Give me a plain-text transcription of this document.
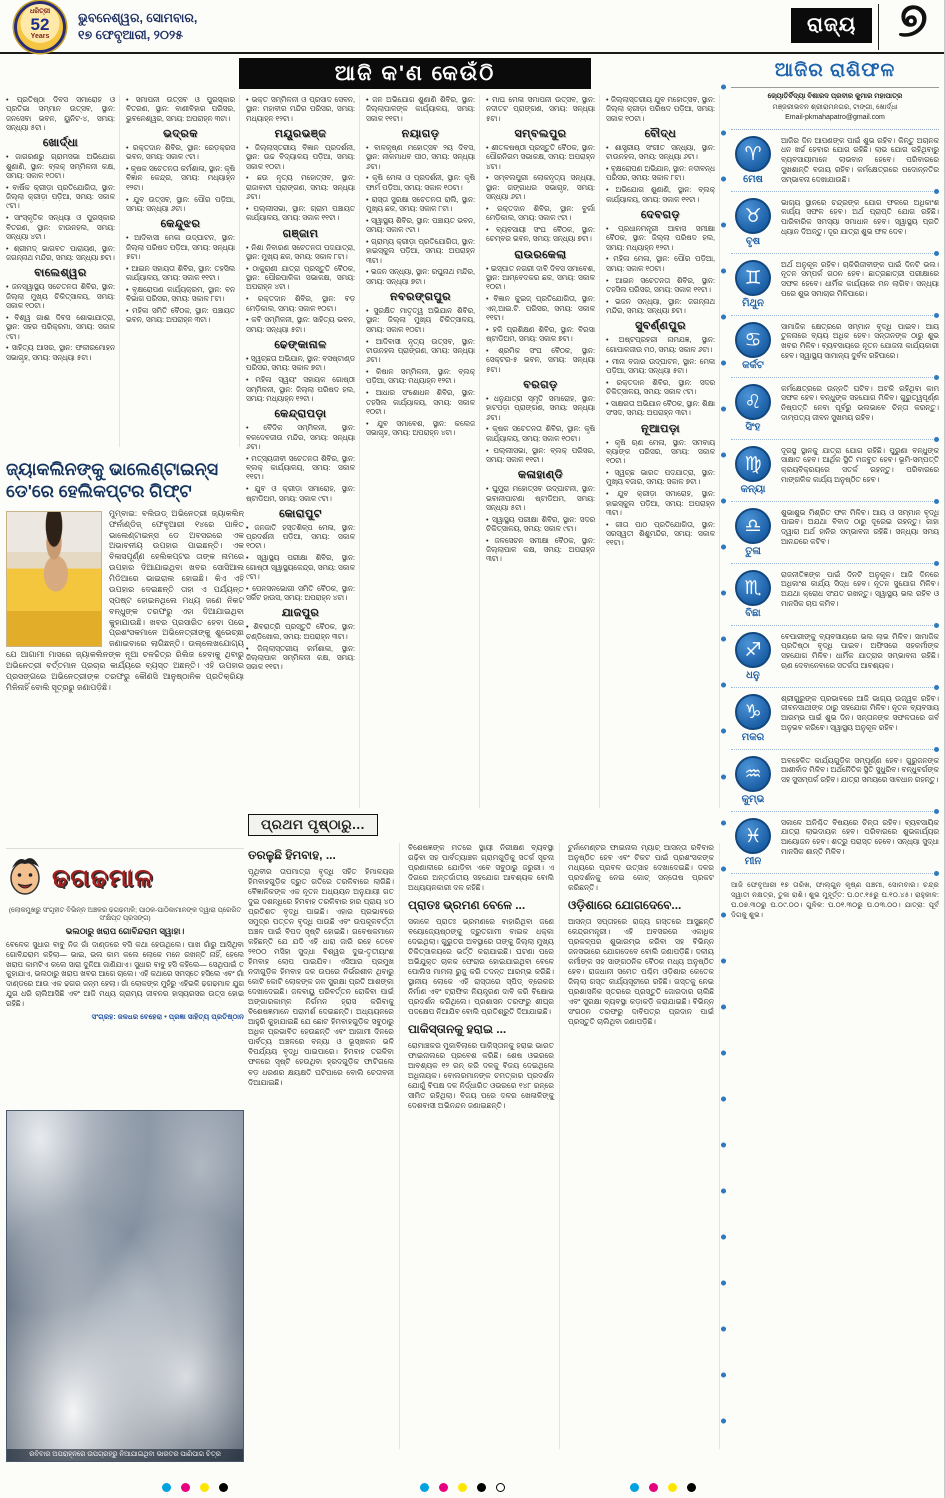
ଧରିତ୍ରୀ
52
Years
ଭୁବନେଶ୍ୱର, ସୋମବାର,
୧୭ ଫେବୃଆରୀ, ୨୦୨୫	ରାଜ୍ୟ ୭
ଆଜି କ'ଣ କେଉଁଠି

• ପ୍ରତିଷ୍ଠା ଦିବସ ସମାରୋହ ଓ ପ୍ରତିଭା ସମ୍ମାନ ଉତ୍ସବ, ସ୍ଥାନ: ଜନସେବା ଭବନ, ୟୁନିଟ-୪, ସମୟ: ସନ୍ଧ୍ୟା ୫ଟା।

ଖୋର୍ଦ୍ଧା

• ଜାଗରଣରୁ ଗ୍ରାମସଭା ଅଭିଯୋଗ ଶୁଣାଣି, ସ୍ଥାନ: ବ୍ଲକ୍ ସମ୍ମିଳନୀ କକ୍ଷ, ସମୟ: ସକାଳ ୧୦ଟା।

• ବାର୍ଷିକ କ୍ରୀଡ଼ା ପ୍ରତିଯୋଗିତା, ସ୍ଥାନ: ଜିଲ୍ଲା କ୍ରୀଡ଼ା ପଡ଼ିଆ, ସମୟ: ସକାଳ ୯ଟା।

• ସାଂସ୍କୃତିକ ସନ୍ଧ୍ୟା ଓ ପୁରସ୍କାର ବିତରଣ, ସ୍ଥାନ: ଟାଉନହଲ, ସମୟ: ସନ୍ଧ୍ୟା ୪ଟା।

• ଶ୍ରୀମଦ୍ ଭାଗବତ ପାରାୟଣ, ସ୍ଥାନ: ଜଗନ୍ନାଥ ମନ୍ଦିର, ସମୟ: ସନ୍ଧ୍ୟା ୭ଟା।

ବାଲେଶ୍ୱର

• ଜନସ୍ୱାସ୍ଥ୍ୟ ସଚେତନତା ଶିବିର, ସ୍ଥାନ: ଜିଲ୍ଲା ମୁଖ୍ୟ ଚିକିତ୍ସାଳୟ, ସମୟ: ସକାଳ ୧୦ଟା।

• ବିଶ୍ୱ ଗାଈ ଦିବସ ଶୋଭାଯାତ୍ରା, ସ୍ଥାନ: ସହର ପରିକ୍ରମା, ସମୟ: ସକାଳ ୯ଟା।

• ସାହିତ୍ୟ ଆସର, ସ୍ଥାନ: ଫକୀରମୋହନ ସଭାଗୃହ, ସମୟ: ସନ୍ଧ୍ୟା ୫ଟା।

• ସମାପନୀ ଉତ୍ସବ ଓ ପୁରସ୍କାର ବିତରଣ, ସ୍ଥାନ: ବାଣୀବିହାର ପରିସର, ଭୁବନେଶ୍ୱର, ସମୟ: ଅପରାହ୍ନ ୩ଟା।

ଭଦ୍ରକ

• ରକ୍ତଦାନ ଶିବିର, ସ୍ଥାନ: ରେଡ଼କ୍ରସ ଭବନ, ସମୟ: ସକାଳ ୯ଟା।

• କୃଷକ ସଚେତନତା କର୍ମଶାଳା, ସ୍ଥାନ: କୃଷି ବିଜ୍ଞାନ କେନ୍ଦ୍ର, ସମୟ: ମଧ୍ୟାହ୍ନ ୧୨ଟା।

• ଯୁବ ଉତ୍ସବ, ସ୍ଥାନ: ପୌର ପଡ଼ିଆ, ସମୟ: ସନ୍ଧ୍ୟା ୬ଟା।

କେନ୍ଦୁଝର

• ଆଦିବାସୀ ମେଳା ଉଦ୍‌ଘାଟନ, ସ୍ଥାନ: ଜିଲ୍ଲା ପରିଷଦ ପଡ଼ିଆ, ସମୟ: ସନ୍ଧ୍ୟା ୫ଟା।

• ଆଇନ ସହାୟତା ଶିବିର, ସ୍ଥାନ: ତହସିଲ କାର୍ଯ୍ୟାଳୟ, ସମୟ: ସକାଳ ୧୧ଟା।

• ବୃକ୍ଷରୋପଣ କାର୍ଯ୍ୟକ୍ରମ, ସ୍ଥାନ: ବନ ବିଭାଗ ପରିସର, ସମୟ: ସକାଳ ୮ଟା।

• ମହିଳା ସମିତି ବୈଠକ, ସ୍ଥାନ: ପଞ୍ଚାୟତ ଭବନ, ସମୟ: ଅପରାହ୍ନ ୩ଟା।

• ଭକ୍ତ ସମ୍ମିଳନୀ ଓ ପ୍ରସାଦ ସେବନ, ସ୍ଥାନ: ମହାବୀର ମନ୍ଦିର ପରିସର, ସମୟ: ମଧ୍ୟାହ୍ନ ୧୨ଟା।

ମୟୂରଭଞ୍ଜ

• ଜିଲ୍ଲାସ୍ତରୀୟ ବିଜ୍ଞାନ ପ୍ରଦର୍ଶନୀ, ସ୍ଥାନ: ଉଚ୍ଚ ବିଦ୍ୟାଳୟ ପଡ଼ିଆ, ସମୟ: ସକାଳ ୧୦ଟା।

• ଛଉ ନୃତ୍ୟ ମହୋତ୍ସବ, ସ୍ଥାନ: ରାଜାବାଟୀ ପ୍ରାଙ୍ଗଣ, ସମୟ: ସନ୍ଧ୍ୟା ୬ଟା।

• ପଲ୍ଲୀସଭା, ସ୍ଥାନ: ଗ୍ରାମ ପଞ୍ଚାୟତ କାର୍ଯ୍ୟାଳୟ, ସମୟ: ସକାଳ ୧୧ଟା।

ଗଞ୍ଜାମ

• ନିଶା ନିବାରଣ ସଚେତନତା ପଦଯାତ୍ରା, ସ୍ଥାନ: ମୁଖ୍ୟ ଛକ, ସମୟ: ସକାଳ ୮ଟା।

• ଠାକୁରାଣୀ ଯାତ୍ରା ପ୍ରସ୍ତୁତି ବୈଠକ, ସ୍ଥାନ: ପୌରପାଳିକା ସଭାକକ୍ଷ, ସମୟ: ଅପରାହ୍ନ ୪ଟା।

• ରକ୍ତଦାନ ଶିବିର, ସ୍ଥାନ: ବଡ଼ ମେଡ଼ିକାଲ, ସମୟ: ସକାଳ ୧୦ଟା।

• କବି ସମ୍ମିଳନୀ, ସ୍ଥାନ: ସାହିତ୍ୟ ଭବନ, ସମୟ: ସନ୍ଧ୍ୟା ୫ଟା।

ଢେଙ୍କାନାଳ

• ସ୍ୱଚ୍ଛତା ଅଭିଯାନ, ସ୍ଥାନ: ବସଷ୍ଟାଣ୍ଡ ପରିସର, ସମୟ: ସକାଳ ୭ଟା।

• ମହିଳା ସ୍ୱୟଂ ସହାୟକ ଗୋଷ୍ଠୀ ସମ୍ମିଳନୀ, ସ୍ଥାନ: ଜିଲ୍ଲା ପରିଷଦ ହଲ, ସମୟ: ମଧ୍ୟାହ୍ନ ୧୨ଟା।

କେନ୍ଦ୍ରାପଡ଼ା

• ବୈଦିକ ସମ୍ମିଳନୀ, ସ୍ଥାନ: ବଳଦେବଜୀଉ ମନ୍ଦିର, ସମୟ: ସନ୍ଧ୍ୟା ୬ଟା।

• ମତ୍ସ୍ୟଜୀବୀ ସଚେତନତା ଶିବିର, ସ୍ଥାନ: ବ୍ଲକ୍ କାର୍ଯ୍ୟାଳୟ, ସମୟ: ସକାଳ ୧୧ଟା।

• ଯୁବ ଓ କ୍ରୀଡ଼ା ସମାରୋହ, ସ୍ଥାନ: ଷ୍ଟାଡିଅମ, ସମୟ: ସକାଳ ୯ଟା।

କୋରାପୁଟ

• ଜନଜାତି ହସ୍ତଶିଳ୍ପ ମେଳା, ସ୍ଥାନ: ପ୍ରଦର୍ଶନୀ ପଡ଼ିଆ, ସମୟ: ସକାଳ ୧୦ଟା।

• ସ୍ୱାସ୍ଥ୍ୟ ପରୀକ୍ଷା ଶିବିର, ସ୍ଥାନ: ଗୋଷ୍ଠୀ ସ୍ୱାସ୍ଥ୍ୟକେନ୍ଦ୍ର, ସମୟ: ସକାଳ ୯ଟା।

• ପେନସନଭୋଗୀ ସମିତି ବୈଠକ, ସ୍ଥାନ: ସର୍କିଟ ହାଉସ, ସମୟ: ଅପରାହ୍ନ ୪ଟା।

ଯାଜପୁର

• ଶିବରାତ୍ରି ପ୍ରସ୍ତୁତି ବୈଠକ, ସ୍ଥାନ: ଚଣ୍ଡିଖୋଲ, ସମୟ: ଅପରାହ୍ନ ୩ଟା।

• ଜିଲ୍ଲାସ୍ତରୀୟ କର୍ମଶାଳା, ସ୍ଥାନ: ଜିଲ୍ଲାପାଳ ସମ୍ମିଳନୀ କକ୍ଷ, ସମୟ: ସକାଳ ୧୧ଟା।

• ଜନ ଅଭିଯୋଗ ଶୁଣାଣି ଶିବିର, ସ୍ଥାନ: ଜିଲ୍ଲାପାଳଙ୍କ କାର୍ଯ୍ୟାଳୟ, ସମୟ: ସକାଳ ୧୧ଟା।

ନୟାଗଡ଼

• ବାଳକୃଷ୍ଣ ମହୋତ୍ସବ ୨ୟ ଦିବସ, ସ୍ଥାନ: ନୀଳମାଧବ ପୀଠ, ସମୟ: ସନ୍ଧ୍ୟା ୬ଟା।

• କୃଷି ମେଳା ଓ ପ୍ରଦର୍ଶନୀ, ସ୍ଥାନ: କୃଷି ଫାର୍ମ ପଡ଼ିଆ, ସମୟ: ସକାଳ ୧୦ଟା।

• ରାସ୍ତା ସୁରକ୍ଷା ସଚେତନତା ରାଲି, ସ୍ଥାନ: ମୁଖ୍ୟ ଛକ, ସମୟ: ସକାଳ ୮ଟା।

• ସ୍ୱାସ୍ଥ୍ୟ ଶିବିର, ସ୍ଥାନ: ପଞ୍ଚାୟତ ଭବନ, ସମୟ: ସକାଳ ୯ଟା।

• ଗ୍ରାମ୍ୟ କ୍ରୀଡ଼ା ପ୍ରତିଯୋଗିତା, ସ୍ଥାନ: ହାଇସ୍କୁଲ ପଡ଼ିଆ, ସମୟ: ଅପରାହ୍ନ ୩ଟା।

• ଭଜନ ସନ୍ଧ୍ୟା, ସ୍ଥାନ: ରଘୁନାଥ ମନ୍ଦିର, ସମୟ: ସନ୍ଧ୍ୟା ୭ଟା।

ନବରଙ୍ଗପୁର

• ସୁରକ୍ଷିତ ମାତୃତ୍ୱ ଅଭିଯାନ ଶିବିର, ସ୍ଥାନ: ଜିଲ୍ଲା ମୁଖ୍ୟ ଚିକିତ୍ସାଳୟ, ସମୟ: ସକାଳ ୧୦ଟା।

• ଆଦିବାସୀ ନୃତ୍ୟ ଉତ୍ସବ, ସ୍ଥାନ: ଟାଉନହଲ ପ୍ରାଙ୍ଗଣ, ସମୟ: ସନ୍ଧ୍ୟା ୬ଟା।

• କିଷାନ ସମ୍ମିଳନୀ, ସ୍ଥାନ: ବ୍ଲକ୍ ପଡ଼ିଆ, ସମୟ: ମଧ୍ୟାହ୍ନ ୧୨ଟା।

• ଆଧାର ସଂଶୋଧନ ଶିବିର, ସ୍ଥାନ: ତହସିଲ କାର୍ଯ୍ୟାଳୟ, ସମୟ: ସକାଳ ୧୦ଟା।

• ଯୁବ ସମାବେଶ, ସ୍ଥାନ: କଲେଜ ସଭାଗୃହ, ସମୟ: ଅପରାହ୍ନ ୪ଟା।

• ମାଘ ମେଳା ସମାପନୀ ଉତ୍ସବ, ସ୍ଥାନ: ନଦୀତଟ ପ୍ରାଙ୍ଗଣ, ସମୟ: ସନ୍ଧ୍ୟା ୫ଟା।

ସମ୍ବଲପୁର

• ଶୀତଳଷଷ୍ଠୀ ପ୍ରସ୍ତୁତି ବୈଠକ, ସ୍ଥାନ: ପୌରନିଗମ ସଭାକକ୍ଷ, ସମୟ: ଅପରାହ୍ନ ୪ଟା।

• ସମ୍ବଲପୁରୀ ଲୋକନୃତ୍ୟ ସନ୍ଧ୍ୟା, ସ୍ଥାନ: ଗଙ୍ଗାଧର ସଭାଗୃହ, ସମୟ: ସନ୍ଧ୍ୟା ୬ଟା।

• ରକ୍ତଦାନ ଶିବିର, ସ୍ଥାନ: ବୁର୍ଲା ମେଡ଼ିକାଲ, ସମୟ: ସକାଳ ୯ଟା।

• ବ୍ୟବସାୟୀ ସଂଘ ବୈଠକ, ସ୍ଥାନ: ଚେମ୍ବର ଭବନ, ସମୟ: ସନ୍ଧ୍ୟା ୭ଟା।

ରାଉରକେଲା

• ଇସ୍ପାତ ନଗରୀ ଦାବି ଦିବସ ସମାବେଶ, ସ୍ଥାନ: ଆମ୍ବେଦକର ଛକ, ସମୟ: ସକାଳ ୧୦ଟା।

• ବିଜ୍ଞାନ କୁଇଜ୍ ପ୍ରତିଯୋଗିତା, ସ୍ଥାନ: ଏନ୍.ଆଇ.ଟି. ପରିସର, ସମୟ: ସକାଳ ୧୧ଟା।

• ହକି ପ୍ରଶିକ୍ଷଣ ଶିବିର, ସ୍ଥାନ: ବିରସା ଷ୍ଟାଡିଅମ, ସମୟ: ସକାଳ ୭ଟା।

• ଶ୍ରମିକ ସଂଘ ବୈଠକ, ସ୍ଥାନ: ସେକ୍ଟର-୫ ଭବନ, ସମୟ: ସନ୍ଧ୍ୟା ୫ଟା।

ବରଗଡ଼

• ଧନୁଯାତ୍ରା ସ୍ମୃତି ସମାରୋହ, ସ୍ଥାନ: ହାଟପଡ଼ା ପ୍ରାଙ୍ଗଣ, ସମୟ: ସନ୍ଧ୍ୟା ୬ଟା।

• କୃଷକ ସଚେତନତା ଶିବିର, ସ୍ଥାନ: କୃଷି କାର୍ଯ୍ୟାଳୟ, ସମୟ: ସକାଳ ୧୦ଟା।

• ପଲ୍ଲୀସଭା, ସ୍ଥାନ: ବ୍ଲକ୍ ପରିସର, ସମୟ: ସକାଳ ୧୧ଟା।

କଳାହାଣ୍ଡି

• ଘୁମୁରା ମହୋତ୍ସବ ଉଦ୍‌ଘାଟନୀ, ସ୍ଥାନ: ଭବାନୀପାଟଣା ଷ୍ଟାଡିଅମ, ସମୟ: ସନ୍ଧ୍ୟା ୫ଟା।

• ସ୍ୱାସ୍ଥ୍ୟ ପରୀକ୍ଷା ଶିବିର, ସ୍ଥାନ: ସଦର ଚିକିତ୍ସାଳୟ, ସମୟ: ସକାଳ ୯ଟା।

• ଜଳସେଚନ ସମୀକ୍ଷା ବୈଠକ, ସ୍ଥାନ: ଜିଲ୍ଲାପାଳ କକ୍ଷ, ସମୟ: ଅପରାହ୍ନ ୩ଟା।

• ଜିଲ୍ଲାସ୍ତରୀୟ ଯୁବ ମହୋତ୍ସବ, ସ୍ଥାନ: ଜିଲ୍ଲା କ୍ରୀଡ଼ା ପରିଷଦ ପଡ଼ିଆ, ସମୟ: ସକାଳ ୧୦ଟା।

ବୌଦ୍ଧ

• ଶାସ୍ତ୍ରୀୟ ସଂଗୀତ ସନ୍ଧ୍ୟା, ସ୍ଥାନ: ଟାଉନହଲ, ସମୟ: ସନ୍ଧ୍ୟା ୬ଟା।

• ବୃକ୍ଷରୋପଣ ଅଭିଯାନ, ସ୍ଥାନ: ନଦୀବନ୍ଧ ପରିସର, ସମୟ: ସକାଳ ୮ଟା।

• ଅଭିଯୋଗ ଶୁଣାଣି, ସ୍ଥାନ: ବ୍ଲକ୍ କାର୍ଯ୍ୟାଳୟ, ସମୟ: ସକାଳ ୧୧ଟା।

ଦେବଗଡ଼

• ପ୍ରଧାନମନ୍ତ୍ରୀ ଆବାସ ସମୀକ୍ଷା ବୈଠକ, ସ୍ଥାନ: ଜିଲ୍ଲା ପରିଷଦ ହଲ, ସମୟ: ମଧ୍ୟାହ୍ନ ୧୨ଟା।

• ମହିଳା ମେଳା, ସ୍ଥାନ: ପୌର ପଡ଼ିଆ, ସମୟ: ସକାଳ ୧୦ଟା।

• ଆଇନ ସଚେତନତା ଶିବିର, ସ୍ଥାନ: ତହସିଲ ପରିସର, ସମୟ: ସକାଳ ୧୧ଟା।

• ଭଜନ ସନ୍ଧ୍ୟା, ସ୍ଥାନ: ଜଗନ୍ନାଥ ମନ୍ଦିର, ସମୟ: ସନ୍ଧ୍ୟା ୭ଟା।

ସୁବର୍ଣ୍ଣପୁର

• ଅଷ୍ଟପ୍ରହରୀ ନାମଯଜ୍ଞ, ସ୍ଥାନ: ଗୋପାଳଜୀଉ ମଠ, ସମୟ: ସକାଳ ୬ଟା।

• ମୀନା ବଜାର ଉଦ୍‌ଘାଟନ, ସ୍ଥାନ: ମେଳା ପଡ଼ିଆ, ସମୟ: ସନ୍ଧ୍ୟା ୫ଟା।

• ରକ୍ତଦାନ ଶିବିର, ସ୍ଥାନ: ସଦର ଚିକିତ୍ସାଳୟ, ସମୟ: ସକାଳ ୯ଟା।

• ସାକ୍ଷରତା ଅଭିଯାନ ବୈଠକ, ସ୍ଥାନ: ଶିକ୍ଷା ସଂସଦ, ସମୟ: ଅପରାହ୍ନ ୩ଟା।

ନୂଆପଡ଼ା

• କୃଷି ଋଣ ମେଳା, ସ୍ଥାନ: ସମବାୟ ବ୍ୟାଙ୍କ ପରିସର, ସମୟ: ସକାଳ ୧୦ଟା।

• ସ୍ୱଚ୍ଛ ଭାରତ ପଦଯାତ୍ରା, ସ୍ଥାନ: ମୁଖ୍ୟ ବଜାର, ସମୟ: ସକାଳ ୭ଟା।

• ଯୁବ କ୍ରୀଡ଼ା ସମାରୋହ, ସ୍ଥାନ: ହାଇସ୍କୁଲ ପଡ଼ିଆ, ସମୟ: ଅପରାହ୍ନ ୩ଟା।

• ଗୀତା ପାଠ ପ୍ରତିଯୋଗିତା, ସ୍ଥାନ: ସରସ୍ୱତୀ ଶିଶୁମନ୍ଦିର, ସମୟ: ସକାଳ ୧୧ଟା।

ଜ୍ୟାକଲିନଙ୍କୁ ଭାଲେଣ୍ଟାଇନ୍ସ ଡେ'ରେ ହେଲିକପ୍ଟର ଗିଫ୍ଟ

ମୁମ୍ବାଇ: ବଲିଉଡ୍ ଅଭିନେତ୍ରୀ ଜ୍ୟାକଲିନ୍ ଫର୍ନାଣ୍ଡିଜ୍ ଫେବୃଆରୀ ୧୪ରେ ପାଳିତ ଭାଲେଣ୍ଟାଇନ୍ସ ଡେ ଅବସରରେ ଏକ ଅଭାବନୀୟ ଉପହାର ପାଇଛନ୍ତି। ଏକ ବିଳାସପୂର୍ଣ୍ଣ ହେଲିକପ୍ଟର ତାଙ୍କ ନାମରେ ଉପହାର ଦିଆଯାଇଥିବା ଖବର ସୋସିଆଲ ମିଡିଆରେ ଭାଇରାଲ ହୋଇଛି। କିଏ ଏହି ଉପହାର ଦେଇଛନ୍ତି ତାହା ଏ ପର୍ଯ୍ୟନ୍ତ ସ୍ପଷ୍ଟ ହୋଇନଥିଲେ ମଧ୍ୟ ଜଣେ ନିକଟ ବନ୍ଧୁଙ୍କ ତରଫରୁ ଏହା ଦିଆଯାଇଥିବା କୁହାଯାଉଛି। ଖବର ପ୍ରସାରିତ ହେବା ପରେ ପ୍ରଶଂସକମାନେ ଅଭିନେତ୍ରୀଙ୍କୁ ଶୁଭେଚ୍ଛା ଜଣାଇବାରେ ଲାଗିଛନ୍ତି। ଉଲ୍ଲେଖଯୋଗ୍ୟ ଯେ ଆଗାମୀ ମାସରେ ଜ୍ୟାକଲିନଙ୍କ ନୂଆ ଚଳଚ୍ଚିତ୍ର ରିଲିଜ ହେବାକୁ ଥିବାରୁ ଅଭିନେତ୍ରୀ ବର୍ତ୍ତମାନ ପ୍ରଚାର କାର୍ଯ୍ୟରେ ବ୍ୟସ୍ତ ଅଛନ୍ତି। ଏହି ଉପହାର ପ୍ରସଙ୍ଗରେ ଅଭିନେତ୍ରୀଙ୍କ ତରଫରୁ କୌଣସି ଆନୁଷ୍ଠାନିକ ପ୍ରତିକ୍ରିୟା ମିଳିନାହିଁ ବୋଲି ସୂତ୍ରରୁ ଜଣାପଡ଼ିଛି।

ଢଗଢମାଳ

(ଲୋକମୁଖରୁ ସଂଗୃହୀତ ବିଭିନ୍ନ ଅଞ୍ଚଳର ଢଗଢମାଳି; ପାଠକ-ପାଠିକାମାନଙ୍କ ଦ୍ୱାରା ପ୍ରେରିତ ସଂକ୍ଷିପ୍ତ ପ୍ରସଙ୍ଗ)

ଭଲଠାରୁ ଖରାପ ଗୋବିନ୍ଦରାମ ସ୍ୱାହା।

ବେଳେକ ସୁଧାର ବାବୁ ନିଜ ଗାଁ ଦାଣ୍ଡରେ ବସି କଥା ହେଉଥିଲେ। ପାଖ ଗାଁରୁ ଆସିଥିବା ଗୋବିନ୍ଦରାମ କହିଲା— ଭାଇ, ଭଲ କାମ କଲେ ଲୋକେ ମନେ ରଖନ୍ତି ନାହିଁ, ହେଲେ ଖରାପ କାମଟିଏ କଲେ ସାରା ଦୁନିଆ ଜାଣିଯାଏ। ସୁଧାର ବାବୁ ହସି କହିଲେ— ସେଥିପାଇଁ ତ କୁହାଯାଏ, ଭଲଠାରୁ ଖରାପ ଖବର ଆଗେ ଚାଲେ। ଏହି କଥାରେ ସମସ୍ତେ ହସିଲେ ଏବଂ ଗାଁ ଦାଣ୍ଡରେ ଆଉ ଏକ ଢଗର ଜନ୍ମ ହେଲା। ଗାଁ ଲୋକଙ୍କ ମୁହଁରୁ ଏହିଭଳି ଢଗଢମାଳ ଯୁଗ ଯୁଗ ଧରି ଚାଲିଆସିଛି ଏବଂ ଆଜି ମଧ୍ୟ ଗ୍ରାମ୍ୟ ଜୀବନର ହାସ୍ୟରସର ଉତ୍ସ ହୋଇ ରହିଛି।

ସଂଗ୍ରହ: ଜଳଧର ବେହେରା • ପ୍ରଜ୍ଞା ସାହିତ୍ୟ ପ୍ରତିଷ୍ଠାନ

ରବିବାର ଅପରାହ୍ନରେ ଉପଗ୍ରହରୁ ନିଆଯାଇଥିବା ଭାରତର ପାଣିପାଗ ଚିତ୍ର
ପ୍ରଥମ ପୃଷ୍ଠାରୁ...
ତରଳୁଛି ହିମବାହ, ...

ପୃଥିବୀର ତାପମାତ୍ରା ବୃଦ୍ଧି ସହିତ ହିମାଳୟର ହିମବାହଗୁଡ଼ିକ ଦ୍ରୁତ ଗତିରେ ତରଳିବାରେ ଲାଗିଛି। ବୈଜ୍ଞାନିକଙ୍କ ଏକ ନୂତନ ଅଧ୍ୟୟନ ଅନୁଯାୟୀ ଗତ ଦୁଇ ଦଶନ୍ଧିରେ ହିମବାହ ତରଳିବାର ହାର ପ୍ରାୟ ୪୦ ପ୍ରତିଶତ ବୃଦ୍ଧି ପାଇଛି। ଏହାର ପ୍ରଭାବରେ ସମୁଦ୍ର ପତ୍ତନ ବୃଦ୍ଧି ପାଉଛି ଏବଂ ଉପକୂଳବର୍ତ୍ତୀ ଅଞ୍ଚଳ ପାଇଁ ବିପଦ ସୃଷ୍ଟି ହୋଇଛି। ଗବେଷକମାନେ କହିଛନ୍ତି ଯେ ଯଦି ଏହି ଧାରା ଜାରି ରହେ ତେବେ ୨୧୦୦ ମସିହା ସୁଦ୍ଧା ବିଶ୍ୱର ଦୁଇ-ତୃତୀୟାଂଶ ହିମବାହ ଲୋପ ପାଇଯିବ। ଏସିଆର ପ୍ରମୁଖ ନଦୀଗୁଡ଼ିକ ହିମବାହ ଜଳ ଉପରେ ନିର୍ଭରଶୀଳ ଥିବାରୁ କୋଟି କୋଟି ଲୋକଙ୍କ ଜଳ ସୁରକ୍ଷା ପ୍ରତି ଆଶଙ୍କା ଦେଖାଦେଇଛି। ଜଳବାୟୁ ପରିବର୍ତ୍ତନ ରୋକିବା ପାଇଁ ଅଙ୍ଗାରକାମ୍ଳ ନିର୍ଗମନ ହ୍ରାସ କରିବାକୁ ବିଶେଷଜ୍ଞମାନେ ପରାମର୍ଶ ଦେଇଛନ୍ତି। ଅଧ୍ୟୟନରେ ଆହୁରି କୁହାଯାଇଛି ଯେ ଛୋଟ ହିମବାହଗୁଡ଼ିକ ସବୁଠାରୁ ଅଧିକ ପ୍ରଭାବିତ ହେଉଛନ୍ତି ଏବଂ ଆଗାମୀ ଦିନରେ ପାର୍ବତ୍ୟ ଅଞ୍ଚଳରେ ବନ୍ୟା ଓ ଭୂସ୍ଖଳନ ଭଳି ବିପର୍ଯ୍ୟୟ ବୃଦ୍ଧି ପାଇପାରେ। ହିମବାହ ତରଳିବା ଫଳରେ ସୃଷ୍ଟି ହେଉଥିବା ହ୍ରଦଗୁଡ଼ିକ ଫାଟିଗଲେ ବଡ଼ ଧରଣର କ୍ଷୟକ୍ଷତି ଘଟିପାରେ ବୋଲି ଚେତାବନୀ ଦିଆଯାଇଛି।

ବିଶେଷଜ୍ଞଙ୍କ ମତରେ ସ୍ଥାୟୀ ନିରୀକ୍ଷଣ ବ୍ୟବସ୍ଥା ଗଢ଼ିବା ସହ ପାର୍ବତ୍ୟାଞ୍ଚଳ ଗ୍ରାମଗୁଡ଼ିକୁ ସତର୍କ ସୂଚନା ପ୍ରଣାଳୀରେ ଯୋଡ଼ିବା ଏବେ ସବୁଠାରୁ ଜରୁରୀ। ଏ ଦିଗରେ ଅନ୍ତର୍ଜାତୀୟ ସହଯୋଗ ଆବଶ୍ୟକ ବୋଲି ଅଧ୍ୟୟନକାରୀ ଦଳ କହିଛି।

ପ୍ରାତଃ ଭ୍ରମଣ ବେଳେ ...

ସକାଳେ ପ୍ରାତଃ ଭ୍ରମଣରେ ବାହାରିଥିବା ଜଣେ ବୟୋଜ୍ୟେଷ୍ଠଙ୍କୁ ଦ୍ରୁତଗାମୀ ବାଇକ ଧକ୍କା ଦେଇଥିଲା। ଗୁରୁତର ଅବସ୍ଥାରେ ତାଙ୍କୁ ଜିଲ୍ଲା ମୁଖ୍ୟ ଚିକିତ୍ସାଳୟରେ ଭର୍ତ୍ତି କରାଯାଇଛି। ଘଟଣା ପରେ ଅଭିଯୁକ୍ତ ଚାଳକ ଫେରାର ହୋଇଯାଇଥିବା ବେଳେ ପୋଲିସ ମାମଲା ରୁଜୁ କରି ତଦନ୍ତ ଆରମ୍ଭ କରିଛି। ସ୍ଥାନୀୟ ଲୋକେ ଏହି ରାସ୍ତାରେ ସ୍ପିଡ୍ ବ୍ରେକର ନିର୍ମାଣ ଏବଂ ଟ୍ରାଫିକ ନିୟନ୍ତ୍ରଣ ଦାବି କରି ବିକ୍ଷୋଭ ପ୍ରଦର୍ଶନ କରିଥିଲେ। ପ୍ରଶାସନ ତରଫରୁ ଶୀଘ୍ର ପଦକ୍ଷେପ ନିଆଯିବ ବୋଲି ପ୍ରତିଶ୍ରୁତି ଦିଆଯାଇଛି।

ପାକିସ୍ତାନକୁ ହରାଇ ...

ରୋମାଞ୍ଚକର ମୁକାବିଲାରେ ପାକିସ୍ତାନକୁ ହରାଇ ଭାରତ ଫାଇନାଲରେ ପ୍ରବେଶ କରିଛି। ଶେଷ ଓଭରରେ ଆବଶ୍ୟକ ୧୨ ରନ୍ କରି ଦଳକୁ ବିଜୟ ଦେଇଥିଲେ ଅଧିନାୟକ। ବୋଲରମାନଙ୍କ ଚମତ୍କାର ପ୍ରଦର୍ଶନ ଯୋଗୁଁ ବିପକ୍ଷ ଦଳ ନିର୍ଦ୍ଧାରିତ ଓଭରରେ ୧୪୮ ରନ୍‌ରେ ସୀମିତ ରହିଥିଲା। ବିଜୟ ପରେ ଦଳର ଖେଳାଳିଙ୍କୁ ଦେଶବାସୀ ଅଭିନନ୍ଦନ ଜଣାଇଛନ୍ତି।

ଟୁର୍ନାମେଣ୍ଟର ଫାଇନାଲ ମ୍ୟାଚ୍ ଆସନ୍ତା ରବିବାର ଅନୁଷ୍ଠିତ ହେବ ଏବଂ ଟିକଟ ପାଇଁ ପ୍ରଶଂସକଙ୍କ ମଧ୍ୟରେ ପ୍ରବଳ ଉତ୍ସାହ ଦେଖାଦେଇଛି। ଦଳର ପ୍ରଦର୍ଶନକୁ ନେଇ କୋଚ୍ ସନ୍ତୋଷ ପ୍ରକଟ କରିଛନ୍ତି।

ଓଡ଼ିଶାରେ ଯୋଗଦେବେ...

ଆସନ୍ତା ସପ୍ତାହରେ ରାଜ୍ୟ ଗସ୍ତରେ ଆସୁଛନ୍ତି କେନ୍ଦ୍ରମନ୍ତ୍ରୀ। ଏହି ଅବସରରେ ଏକାଧିକ ପ୍ରକଳ୍ପର ଶୁଭାରମ୍ଭ କରିବା ସହ ବିଭିନ୍ନ ଜନସଭାରେ ଯୋଗଦେବେ ବୋଲି ଜଣାପଡ଼ିଛି। ଦଳୀୟ କର୍ମୀଙ୍କ ସହ ସାଙ୍ଗଠନିକ ବୈଠକ ମଧ୍ୟ ଅନୁଷ୍ଠିତ ହେବ। ରାଜଧାନୀ ସମେତ ପଶ୍ଚିମ ଓଡ଼ିଶାର କେତେକ ଜିଲ୍ଲା ଗସ୍ତ କାର୍ଯ୍ୟସୂଚୀରେ ରହିଛି। ଗସ୍ତକୁ ନେଇ ପ୍ରଶାସନିକ ସ୍ତରରେ ପ୍ରସ୍ତୁତି ଜୋରଦାର ଚାଲିଛି ଏବଂ ସୁରକ୍ଷା ବ୍ୟବସ୍ଥା କଡ଼ାକଡ଼ି କରାଯାଇଛି। ବିଭିନ୍ନ ସଂଗଠନ ତରଫରୁ ଦାବିପତ୍ର ପ୍ରଦାନ ପାଇଁ ପ୍ରସ୍ତୁତି ଚାଲିଥିବା ଜଣାପଡ଼ିଛି।

ଆଜିର ରାଶିଫଳ
ଜ୍ୟୋତିର୍ବିଦ୍ୟା ବିଶାରଦ ପ୍ରବୀର କୁମାର ମହାପାତ୍ର
ମଞ୍ଜରୀଭବନ ଶ୍ରୀରାମନଗର, ଟାଙ୍ଗୀ, ଖୋର୍ଦ୍ଧା
Email-pkmahapatro@gmail.com
♈
ମେଷ

ଆଜିର ଦିନ ଆପଣଙ୍କ ପାଇଁ ଶୁଭ ରହିବ। କିନ୍ତୁ ଅଚାନକ ଧନ ଖର୍ଚ୍ଚ ହେବାର ଯୋଗ ରହିଛି। ଲାଭ ଯୋଗ ରହିଥିବାରୁ ବ୍ୟବସାୟୀମାନେ ଲାଭବାନ ହେବେ। ପରିବାରରେ ସୁଖଶାନ୍ତି ବଜାୟ ରହିବ। କର୍ମକ୍ଷେତ୍ରରେ ପଦୋନ୍ନତିର ସମ୍ଭାବନା ଦେଖାଯାଉଛି।

♉
ବୃଷ

ଭାଗ୍ୟ ସ୍ଥାନରେ ଚନ୍ଦ୍ରଙ୍କ ଯୋଗ ଫଳରେ ଅଧିକାଂଶ କାର୍ଯ୍ୟ ସଫଳ ହେବ। ଅର୍ଥ ପ୍ରାପ୍ତି ଯୋଗ ରହିଛି। ପାରିବାରିକ ସମସ୍ୟା ସମାଧାନ ହେବ। ସ୍ୱାସ୍ଥ୍ୟ ପ୍ରତି ଧ୍ୟାନ ଦିଅନ୍ତୁ। ଦୂର ଯାତ୍ରା ଶୁଭ ଫଳ ଦେବ।

♊
ମିଥୁନ

ଅର୍ଥ ଅନୁକୂଳ ରହିବ। ଚାକିରିଜୀବୀଙ୍କ ପାଇଁ ଦିନଟି ଭଲ। ନୂତନ ସମ୍ପର୍କ ଗଠନ ହେବ। ଛାତ୍ରଛାତ୍ରୀ ପରୀକ୍ଷାରେ ସଫଳ ହେବେ। ଧାର୍ମିକ କାର୍ଯ୍ୟରେ ମନ ଲାଗିବ। ସନ୍ଧ୍ୟା ପରେ ଶୁଭ ସମାଚାର ମିଳିପାରେ।

♋
କର୍କଟ

ସାମାଜିକ କ୍ଷେତ୍ରରେ ସମ୍ମାନ ବୃଦ୍ଧି ପାଇବ। ଆୟ ତୁଳନାରେ ବ୍ୟୟ ଅଧିକ ହେବ। ସନ୍ତାନଙ୍କ ଠାରୁ ଶୁଭ ଖବର ମିଳିବ। ବ୍ୟବସାୟରେ ନୂତନ ଯୋଜନା କାର୍ଯ୍ୟକାରୀ ହେବ। ସ୍ୱାସ୍ଥ୍ୟ ସାମାନ୍ୟ ଦୁର୍ବଳ ରହିପାରେ।

♌
ସିଂହ

କର୍ମକ୍ଷେତ୍ରରେ ଉନ୍ନତି ଘଟିବ। ଅଟକି ରହିଥିବା କାମ ସଫଳ ହେବ। ବନ୍ଧୁଙ୍କ ସହଯୋଗ ମିଳିବ। ଗୁରୁତ୍ୱପୂର୍ଣ୍ଣ ନିଷ୍ପତ୍ତି ନେବା ପୂର୍ବରୁ ଭଲଭାବେ ଚିନ୍ତା କରନ୍ତୁ। ଦାମ୍ପତ୍ୟ ଜୀବନ ସୁଖମୟ ରହିବ।

♍
କନ୍ୟା

ଦୂରସ୍ଥ ସ୍ଥାନକୁ ଯାତ୍ରା ଯୋଗ ରହିଛି। ପୁରୁଣା ବନ୍ଧୁଙ୍କ ସାକ୍ଷାତ ହେବ। ଆର୍ଥିକ ସ୍ଥିତି ମଜବୁତ ହେବ। ଭୂମି-ସମ୍ପତ୍ତି କ୍ରୟବିକ୍ରୟରେ ସତର୍କ ରହନ୍ତୁ। ପରିବାରରେ ମାଙ୍ଗଳିକ କାର୍ଯ୍ୟ ଅନୁଷ୍ଠିତ ହେବ।

♎
ତୁଳା

ଶୁଭାଶୁଭ ମିଶ୍ରିତ ଫଳ ମିଳିବ। ଆୟ ଓ ସମ୍ମାନ ବୃଦ୍ଧି ପାଇବ। ଅଯଥା ବିବାଦ ଠାରୁ ଦୂରେଇ ରହନ୍ତୁ। କାହା ଦ୍ୱାରା ଅର୍ଥ ହାନିର ସମ୍ଭାବନା ରହିଛି। ସନ୍ଧ୍ୟା ସମୟ ଆନନ୍ଦରେ କଟିବ।

♏
ବିଛା

ରାଜନୀତିଜ୍ଞଙ୍କ ପାଇଁ ଦିନଟି ଅନୁକୂଳ। ଆଜି ଦିନରେ ଅଧିକାଂଶ କାର୍ଯ୍ୟ ସିଦ୍ଧ ହେବ। ନୂତନ ସୁଯୋଗ ମିଳିବ। ଅଯଥା କ୍ରୋଧ ସଂଯତ ରଖନ୍ତୁ। ସ୍ୱାସ୍ଥ୍ୟ ଭଲ ରହିବ ଓ ମାନସିକ ଚାପ କମିବ।

♐
ଧନୁ

ବେପାରୀଙ୍କୁ ବ୍ୟବସାୟରେ ଭଲ ଲାଭ ମିଳିବ। ସାମାଜିକ ପ୍ରତିଷ୍ଠା ବୃଦ୍ଧି ପାଇବ। ଅଫିସରେ ସହକର୍ମୀଙ୍କ ସହଯୋଗ ମିଳିବ। ଧାର୍ମିକ ଯାତ୍ରାର ସମ୍ଭାବନା ରହିଛି। ଋଣ ଦେବାନେବାରେ ସତର୍କତା ଆବଶ୍ୟକ।

♑
ମକର

ଶ୍ରୀଗୁରୁଙ୍କ ପ୍ରଭାବରେ ଆଜି ଭାଗ୍ୟ ଉଜ୍ୱଳ ରହିବ। ଜୀବନସାଥୀଙ୍କ ଠାରୁ ସହଯୋଗ ମିଳିବ। ନୂତନ ବ୍ୟବସାୟ ଆରମ୍ଭ ପାଇଁ ଶୁଭ ଦିନ। ସନ୍ତାନଙ୍କ ସଫଳତାରେ ଗର୍ବ ଅନୁଭବ କରିବେ। ସ୍ୱାସ୍ଥ୍ୟ ଅନୁକୂଳ ରହିବ।

♒
କୁମ୍ଭ

ଅବହେଳିତ କାର୍ଯ୍ୟଗୁଡ଼ିକ ସମ୍ପୂର୍ଣ୍ଣ ହେବ। ଗୁରୁଜନଙ୍କ ଆଶୀର୍ବାଦ ମିଳିବ। ଅର୍ଥନୈତିକ ସ୍ଥିତି ସୁଧୁରିବ। ବନ୍ଧୁବର୍ଗଙ୍କ ସହ ସୁସମ୍ପର୍କ ରହିବ। ଯାତ୍ରା ସମୟରେ ସାବଧାନ ରହନ୍ତୁ।

♓
ମୀନ

ସକାଳେ ଅନିଶ୍ଚିତ ବିଷୟରେ ଚିନ୍ତା ରହିବ। ବ୍ୟବସାୟିକ ଯାତ୍ରା ଲାଭଦାୟକ ହେବ। ପରିବାରରେ ଶୁଭକାର୍ଯ୍ୟର ଆୟୋଜନ ହେବ। ଶତ୍ରୁ ପରାସ୍ତ ହେବେ। ସନ୍ଧ୍ୟା ସୁଦ୍ଧା ମାନସିକ ଶାନ୍ତି ମିଳିବ।

ଆଜି ଫେବୃଆରୀ ୧୭ ତାରିଖ, ଫାଲ୍‌ଗୁନ କୃଷ୍ଣ ପଞ୍ଚମୀ, ସୋମବାର। ଚନ୍ଦ୍ର ସ୍ୱାତୀ ନକ୍ଷତ୍ର, ତୁଳା ରାଶି। ଶୁଭ ମୁହୂର୍ତ୍ତ: ଘ.୦୯.୧୫ରୁ ଘ.୧୦.୪୫। ରାହୁକାଳ: ଘ.୦୭.୩୦ରୁ ଘ.୦୯.୦୦। ଗୁଳିକ: ଘ.୦୧.୩୦ରୁ ଘ.୦୩.୦୦। ଯାତ୍ରା: ପୂର୍ବ ଦିଗକୁ ଶୁଭ।
